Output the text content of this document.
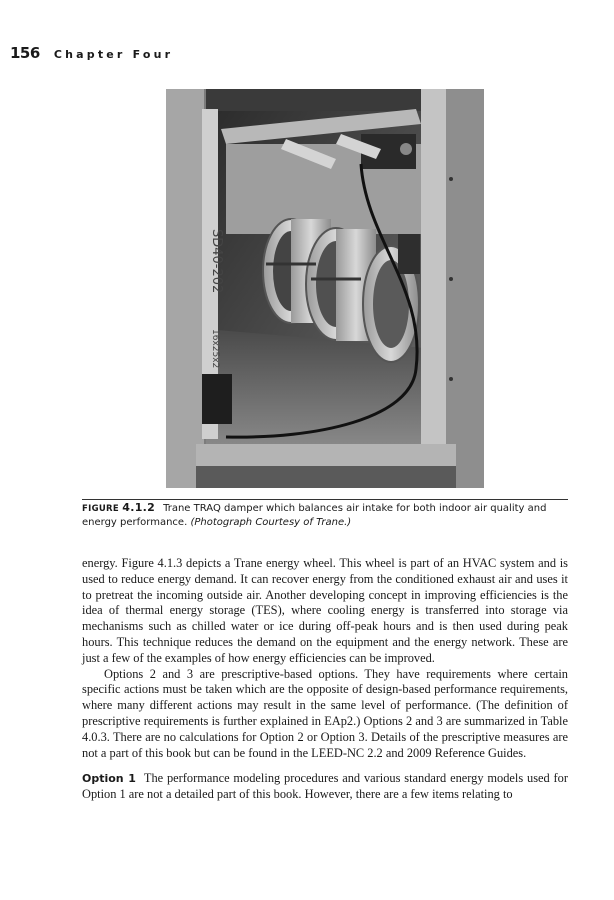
156 Chapter Four
SD40-202
16x25x2
FIGURE 4.1.2 Trane TRAQ damper which balances air intake for both indoor air quality and energy performance. (Photograph Courtesy of Trane.)

energy. Figure 4.1.3 depicts a Trane energy wheel. This wheel is part of an HVAC system and is used to reduce energy demand. It can recover energy from the conditioned exhaust air and uses it to pretreat the incoming outside air. Another developing concept in improving efficiencies is the idea of thermal energy storage (TES), where cooling energy is transferred into storage via mechanisms such as chilled water or ice during off-peak hours and is then used during peak hours. This technique reduces the demand on the equipment and the energy network. These are just a few of the examples of how energy efficiencies can be improved.

Options 2 and 3 are prescriptive-based options. They have requirements where certain specific actions must be taken which are the opposite of design-based performance requirements, where many different actions may result in the same level of performance. (The definition of prescriptive requirements is further explained in EAp2.) Options 2 and 3 are summarized in Table 4.0.3. There are no calculations for Option 2 or Option 3. Details of the prescriptive measures are not a part of this book but can be found in the LEED-NC 2.2 and 2009 Reference Guides.

Option 1 The performance modeling procedures and various standard energy models used for Option 1 are not a detailed part of this book. However, there are a few items relating to
